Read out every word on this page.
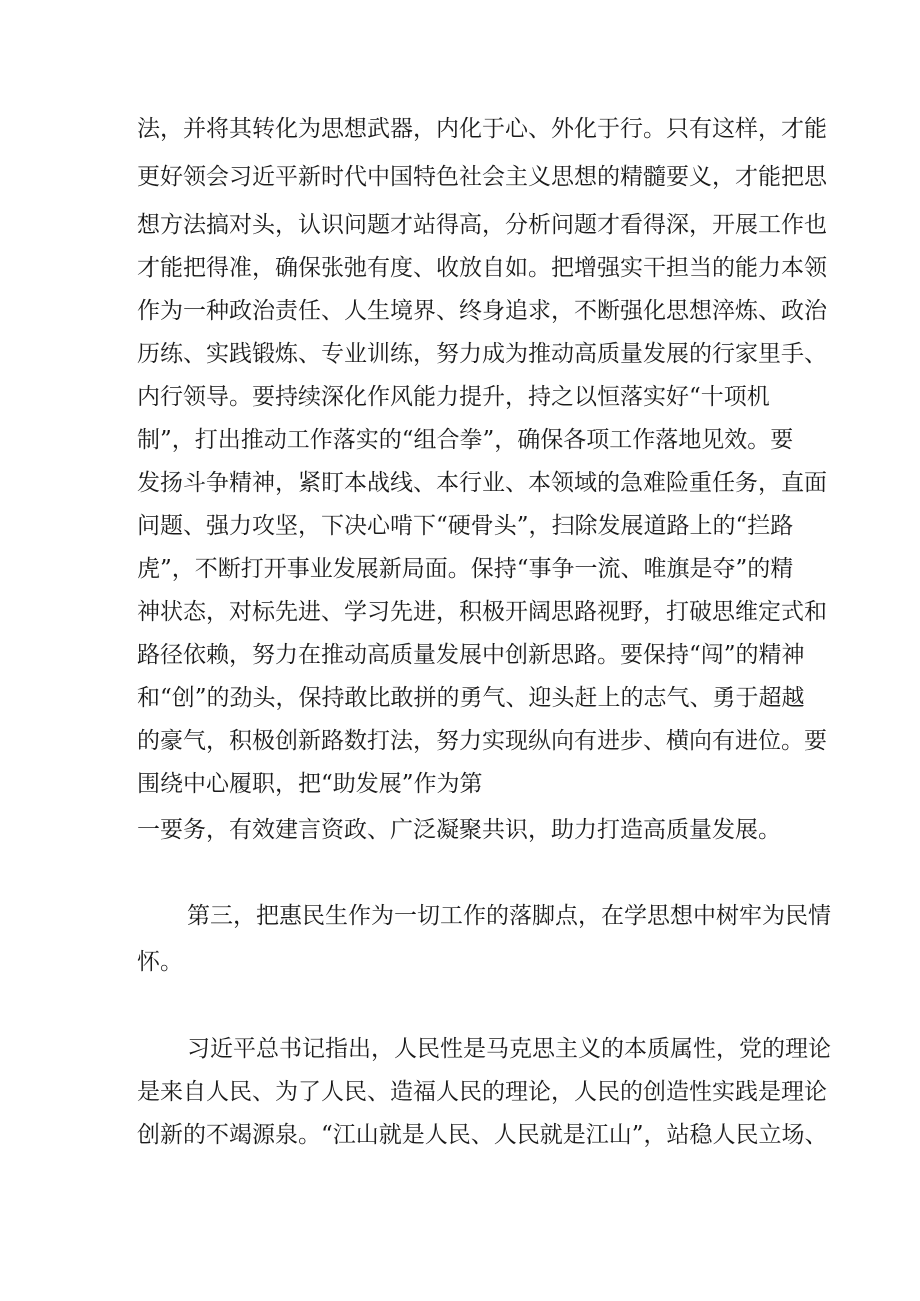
法，并将其转化为思想武器，内化于心、外化于行。只有这样，才能
更好领会习近平新时代中国特色社会主义思想的精髓要义，才能把思
想方法搞对头，认识问题才站得高，分析问题才看得深，开展工作也
才能把得准，确保张弛有度、收放自如。把增强实干担当的能力本领
作为一种政治责任、人生境界、终身追求，不断强化思想淬炼、政治
历练、实践锻炼、专业训练，努力成为推动高质量发展的行家里手、
内行领导。要持续深化作风能力提升，持之以恒落实好“十项机
制”，打出推动工作落实的“组合拳”，确保各项工作落地见效。要
发扬斗争精神，紧盯本战线、本行业、本领域的急难险重任务，直面
问题、强力攻坚，下决心啃下“硬骨头”，扫除发展道路上的“拦路
虎”，不断打开事业发展新局面。保持“事争一流、唯旗是夺”的精
神状态，对标先进、学习先进，积极开阔思路视野，打破思维定式和
路径依赖，努力在推动高质量发展中创新思路。要保持“闯”的精神
和“创”的劲头，保持敢比敢拼的勇气、迎头赶上的志气、勇于超越
的豪气，积极创新路数打法，努力实现纵向有进步、横向有进位。要
围绕中心履职，把“助发展”作为第
一要务，有效建言资政、广泛凝聚共识，助力打造高质量发展。
第三，把惠民生作为一切工作的落脚点，在学思想中树牢为民情
怀。
习近平总书记指出，人民性是马克思主义的本质属性，党的理论
是来自人民、为了人民、造福人民的理论，人民的创造性实践是理论
创新的不竭源泉。“江山就是人民、人民就是江山”，站稳人民立场、
